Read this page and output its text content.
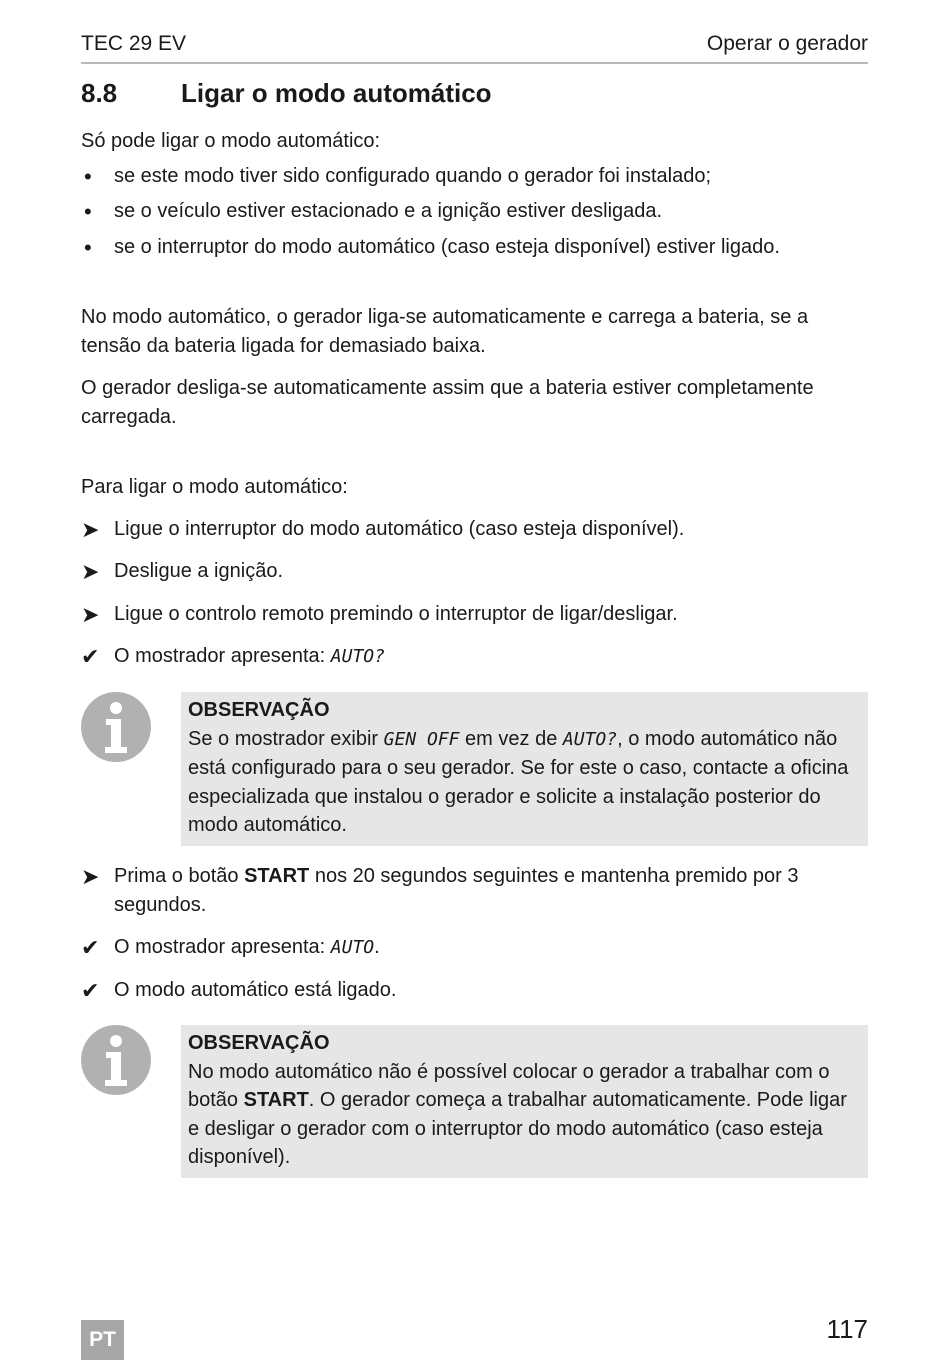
TEC 29 EV	Operar o gerador
8.8 Ligar o modo automático
Só pode ligar o modo automático:
•	se este modo tiver sido configurado quando o gerador foi instalado;
•	se o veículo estiver estacionado e a ignição estiver desligada.
•	se o interruptor do modo automático (caso esteja disponível) estiver ligado.
No modo automático, o gerador liga-se automaticamente e carrega a bateria, se a tensão da bateria ligada for demasiado baixa.
O gerador desliga-se automaticamente assim que a bateria estiver completamente carregada.
Para ligar o modo automático:
➤ Ligue o interruptor do modo automático (caso esteja disponível).
➤ Desligue a ignição.
➤ Ligue o controlo remoto premindo o interruptor de ligar/desligar.
✔ O mostrador apresenta: AUTO?
OBSERVAÇÃO
Se o mostrador exibir GEN OFF em vez de AUTO?, o modo automático não está configurado para o seu gerador. Se for este o caso, contacte a oficina especializada que instalou o gerador e solicite a instalação posterior do modo automático.
➤ Prima o botão START nos 20 segundos seguintes e mantenha premido por 3 segundos.
✔ O mostrador apresenta: AUTO.
✔ O modo automático está ligado.
OBSERVAÇÃO
No modo automático não é possível colocar o gerador a trabalhar com o botão START. O gerador começa a trabalhar automaticamente. Pode ligar e desligar o gerador com o interruptor do modo automático (caso esteja disponível).
PT	117
